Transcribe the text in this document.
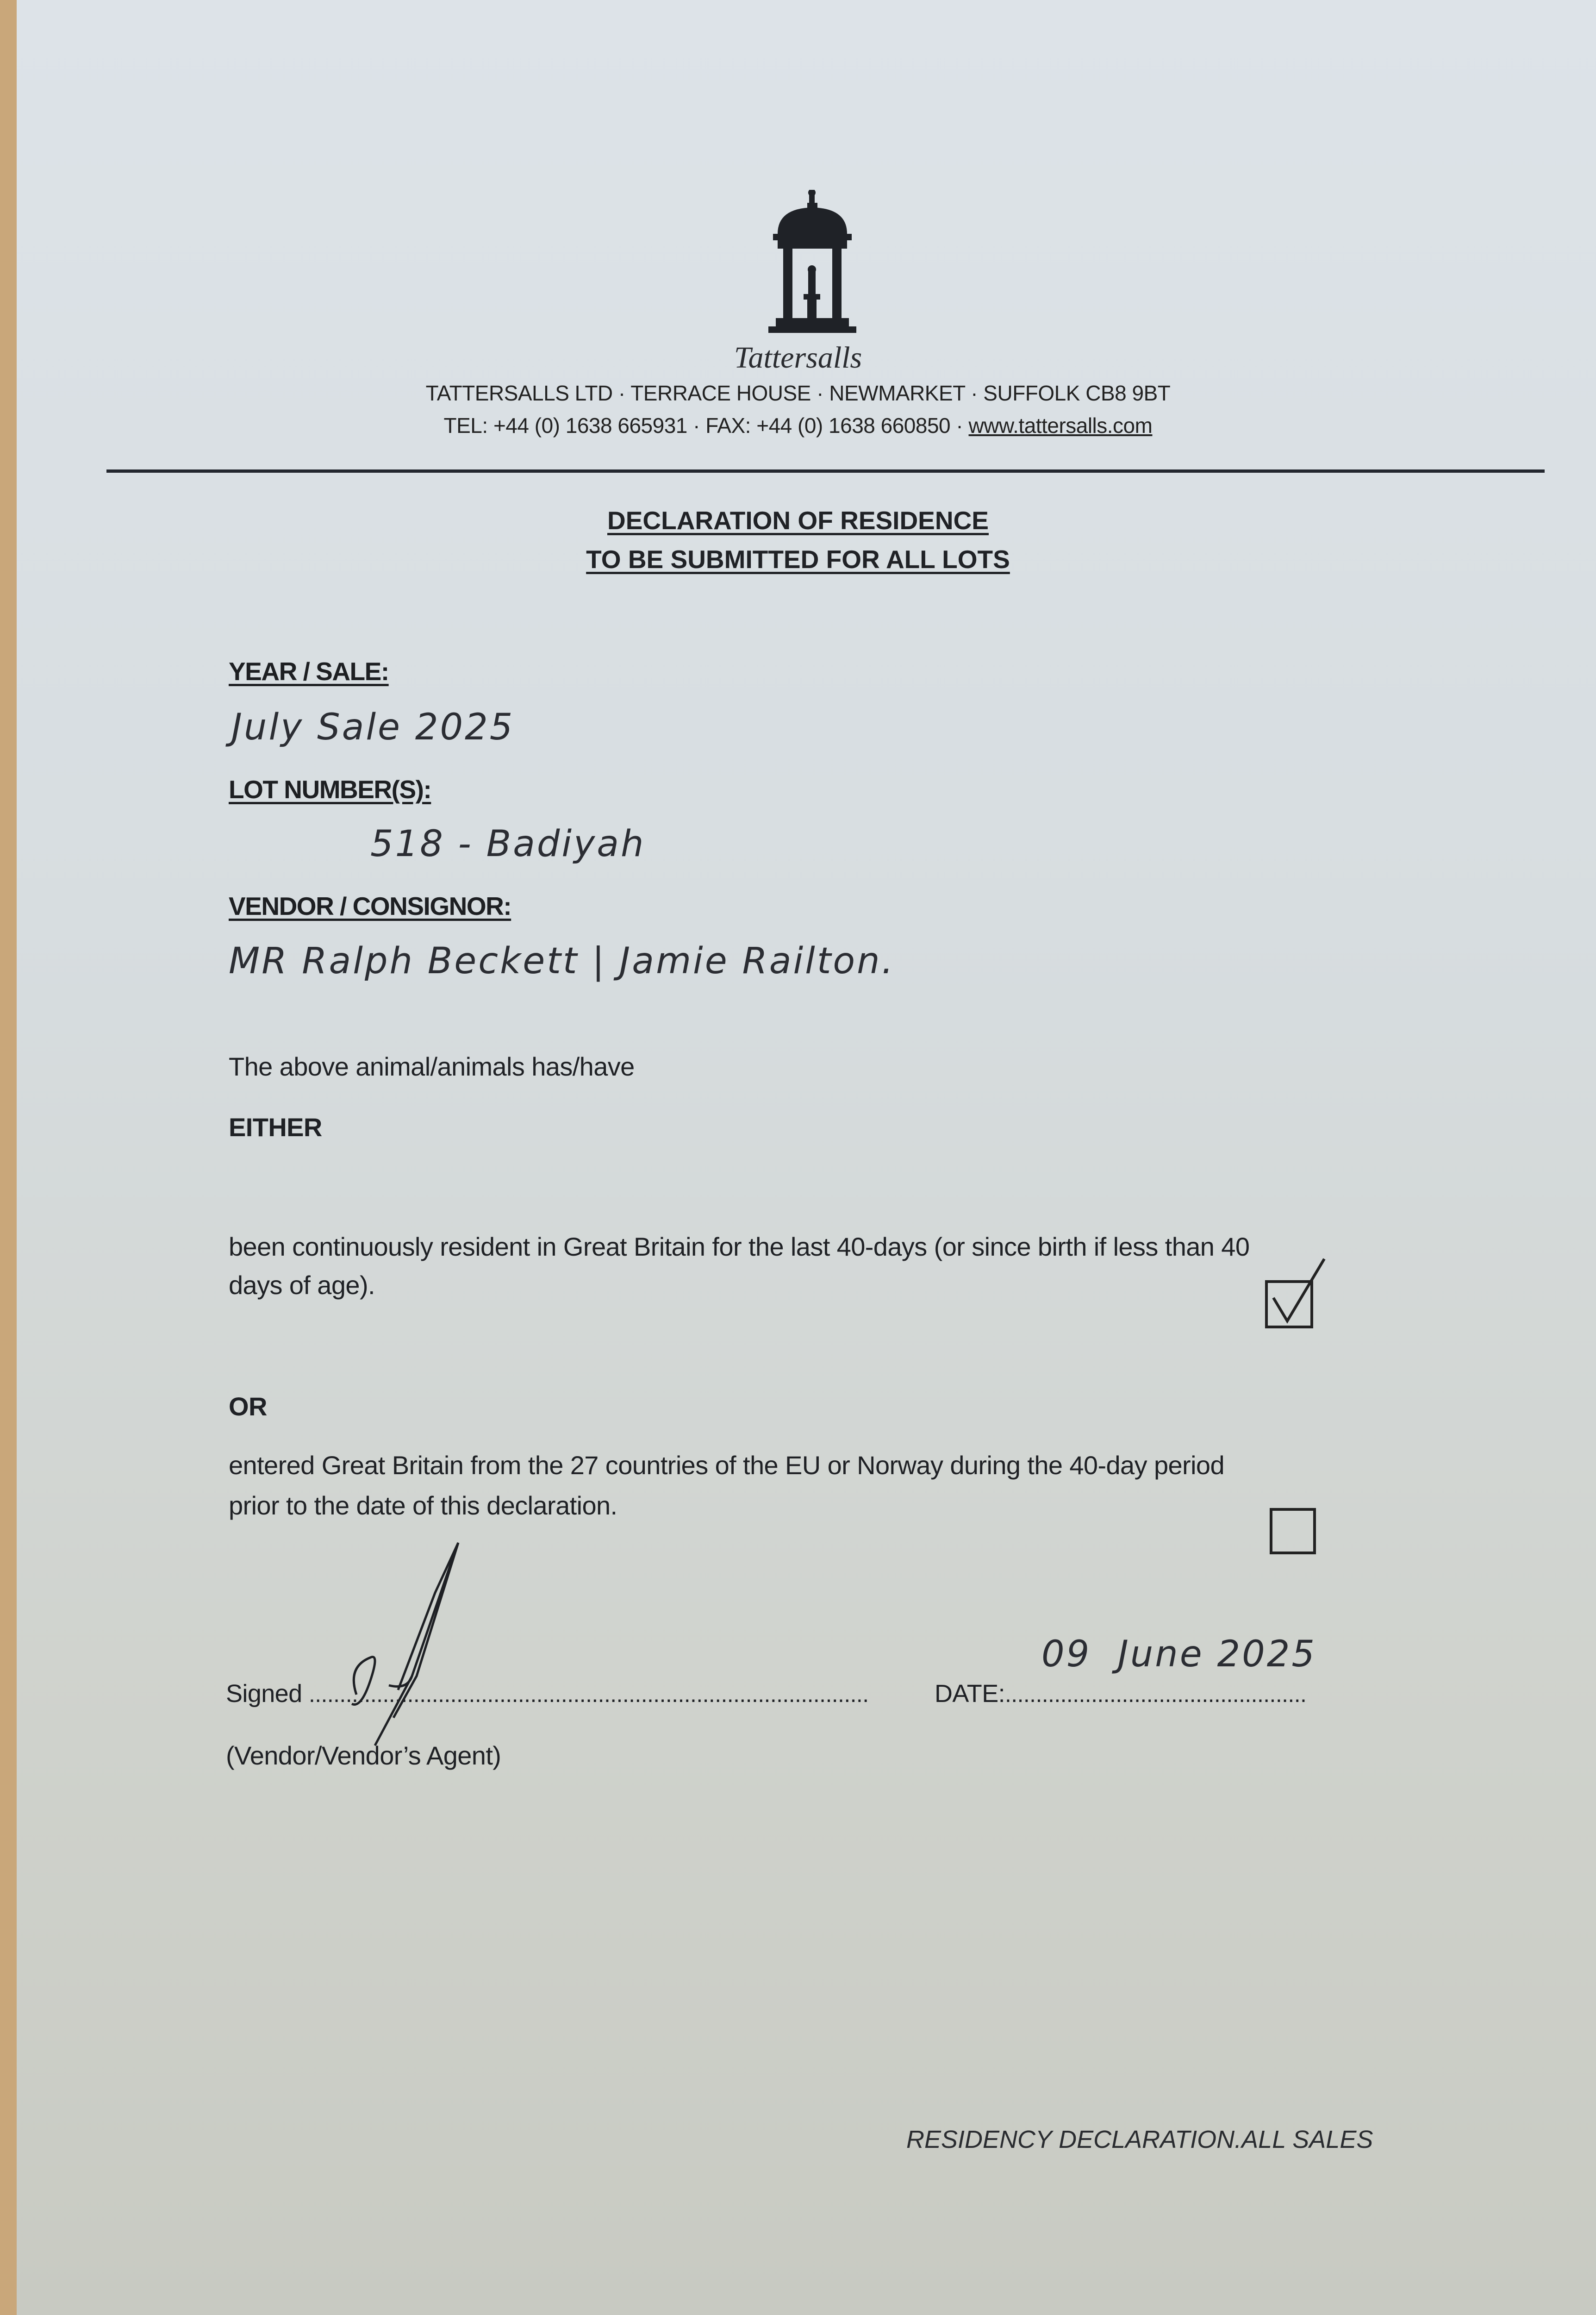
Tattersalls
TATTERSALLS LTD · TERRACE HOUSE · NEWMARKET · SUFFOLK CB8 9BT
TEL: +44 (0) 1638 665931 · FAX: +44 (0) 1638 660850 · www.tattersalls.com
DECLARATION OF RESIDENCE
TO BE SUBMITTED FOR ALL LOTS
YEAR / SALE:
July Sale 2025
LOT NUMBER(S):
518 - Badiyah
VENDOR / CONSIGNOR:
MR Ralph Beckett | Jamie Railton.
The above animal/animals has/have
EITHER
been continuously resident in Great Britain for the last 40-days (or since birth if less than 40
days of age).
OR
entered Great Britain from the 27 countries of the EU or Norway during the 40-day period
prior to the date of this declaration.
Signed ...........................................................................................	DATE:.................................................
09  June 2025
(Vendor/Vendor’s Agent)
RESIDENCY DECLARATION.ALL SALES
